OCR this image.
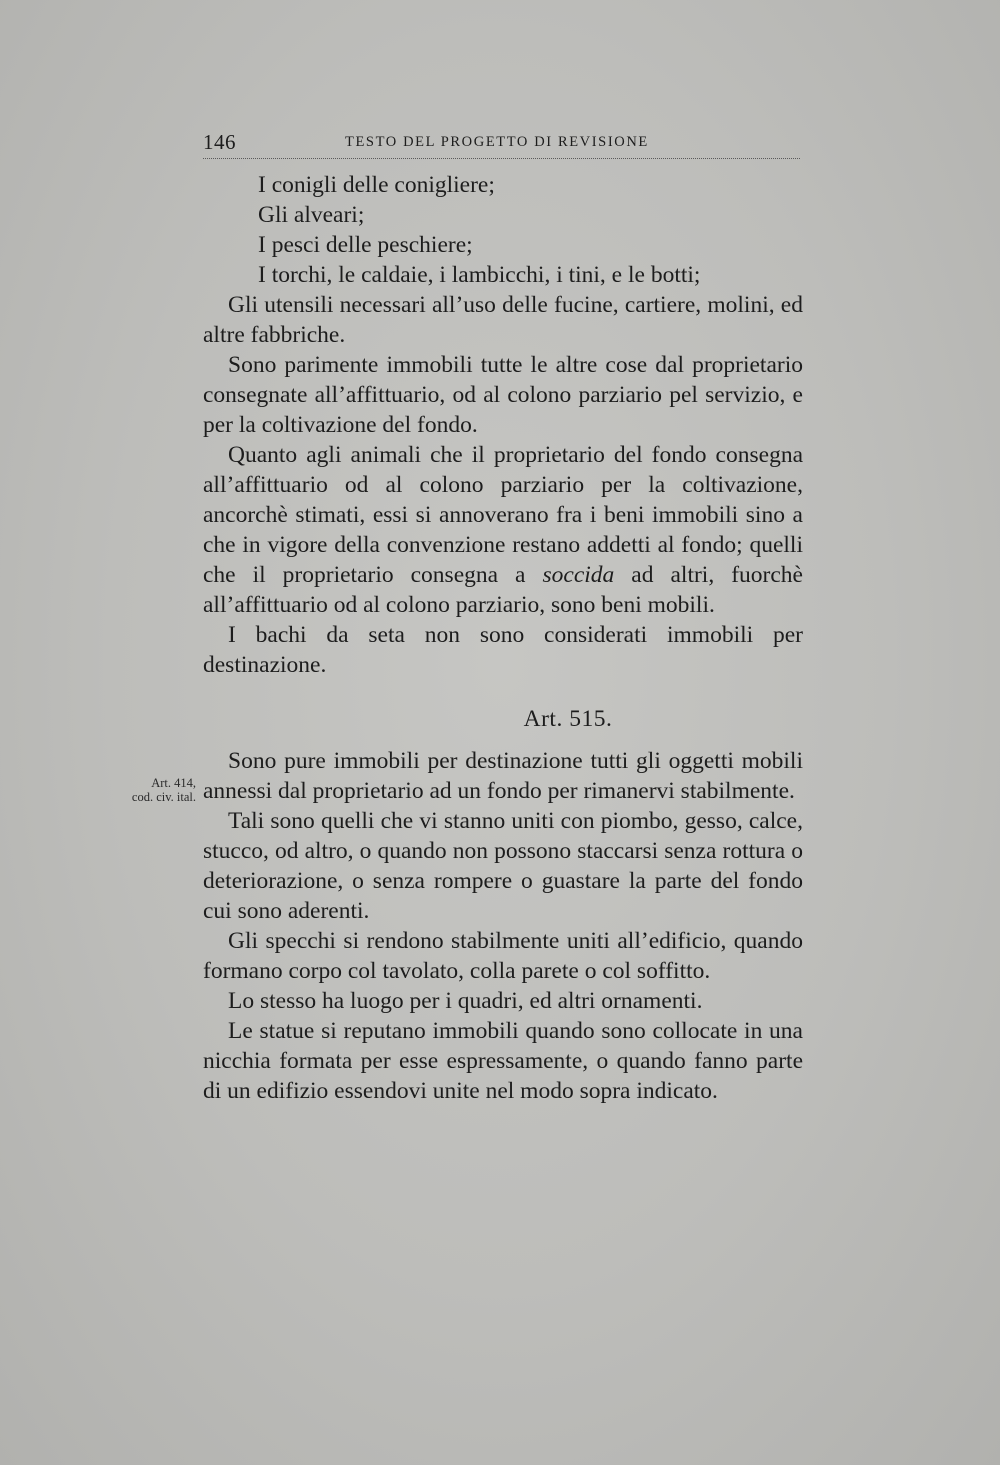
146	TESTO DEL PROGETTO DI REVISIONE
Art. 414,
cod. civ. ital.

I conigli delle conigliere;

Gli alveari;

I pesci delle peschiere;

I torchi, le caldaie, i lambicchi, i tini, e le botti;

Gli utensili necessari all’uso delle fucine, cartiere, molini, ed altre fabbriche.

Sono parimente immobili tutte le altre cose dal proprietario consegnate all’affittuario, od al colono parziario pel servizio, e per la coltivazione del fondo.

Quanto agli animali che il proprietario del fondo consegna all’affittuario od al colono parziario per la coltivazione, ancorchè stimati, essi si annoverano fra i beni immobili sino a che in vigore della convenzione restano addetti al fondo; quelli che il proprietario consegna a soccida ad altri, fuorchè all’affittuario od al colono parziario, sono beni mobili.

I bachi da seta non sono considerati immobili per destinazione.

Art. 515.

Sono pure immobili per destinazione tutti gli oggetti mobili annessi dal proprietario ad un fondo per rimanervi stabilmente.

Tali sono quelli che vi stanno uniti con piombo, gesso, calce, stucco, od altro, o quando non possono staccarsi senza rottura o deteriorazione, o senza rompere o guastare la parte del fondo cui sono aderenti.

Gli specchi si rendono stabilmente uniti all’edificio, quando formano corpo col tavolato, colla parete o col soffitto.

Lo stesso ha luogo per i quadri, ed altri ornamenti.

Le statue si reputano immobili quando sono collocate in una nicchia formata per esse espressamente, o quando fanno parte di un edifizio essendovi unite nel modo sopra indicato.
